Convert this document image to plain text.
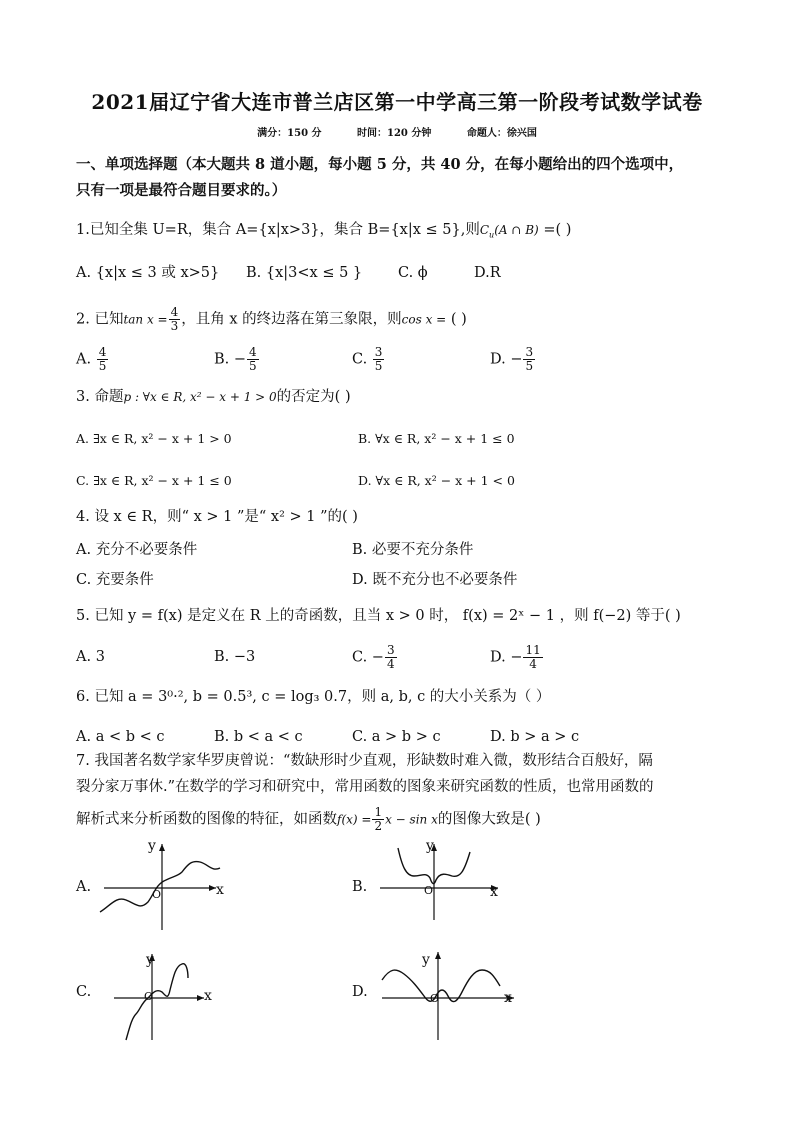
2021届辽宁省大连市普兰店区第一中学高三第一阶段考试数学试卷
满分：150 分	时间：120 分钟	命题人：徐兴国
一、单项选择题（本大题共 8 道小题，每小题 5 分，共 40 分，在每小题给出的四个选项中，
只有一项是最符合题目要求的。）
1.已知全集 U=R，集合 A={x|x>3}，集合 B={x|x ≤ 5},则$C_u(A$ ∩ B) =( )
A. {x|x ≤ 3 或 x>5} B. {x|3<x ≤ 5 } C. ϕ	D.R
2. 已知$\tan x = \frac{4}{3}$ ，且角 x 的终边落在第三象限，则cos x = ( )
A. $\frac{4}{5}$	B. − $\frac{4}{5}$	C. $\frac{3}{5}$	D. − $\frac{3}{5}$
3. 命题p : ∀x ∈ R, x² − x + 1 > 0的否定为( )
A. ∃x ∈ R, x² − x + 1 > 0	B. ∀x ∈ R, x² − x + 1 ≤ 0
C. ∃x ∈ R, x² − x + 1 ≤ 0	D. ∀x ∈ R, x² − x + 1 < 0
4. 设 x ∈ R，则“ x > 1 ”是“ x² > 1 ”的( )
A. 充分不必要条件	B. 必要不充分条件
C. 充要条件	D. 既不充分也不必要条件
5. 已知 y = f(x) 是定义在 R 上的奇函数，且当 x > 0 时， f(x) = 2ˣ − 1 ，则 f(−2) 等于( )
A. 3	B. −3	C. − $\frac{3}{4}$	D. − $\frac{11}{4}$
6. 已知 a = 3⁰·², b = 0.5³, c = log₃ 0.7，则 a, b, c 的大小关系为（ ）
A. a < b < c	B. b < a < c	C. a > b > c	D. b > a > c
7. 我国著名数学家华罗庚曾说：“数缺形时少直观，形缺数时难入微，数形结合百般好，隔
裂分家万事休.”在数学的学习和研究中，常用函数的图象来研究函数的性质，也常用函数的
解析式来分析函数的图像的特征，如函数$f(x) = \frac{1}{2}$ x − sin x的图像大致是( )
A.	B.
C.	D.
y
x
O
y
x
O
y
x
O
y
x
O
